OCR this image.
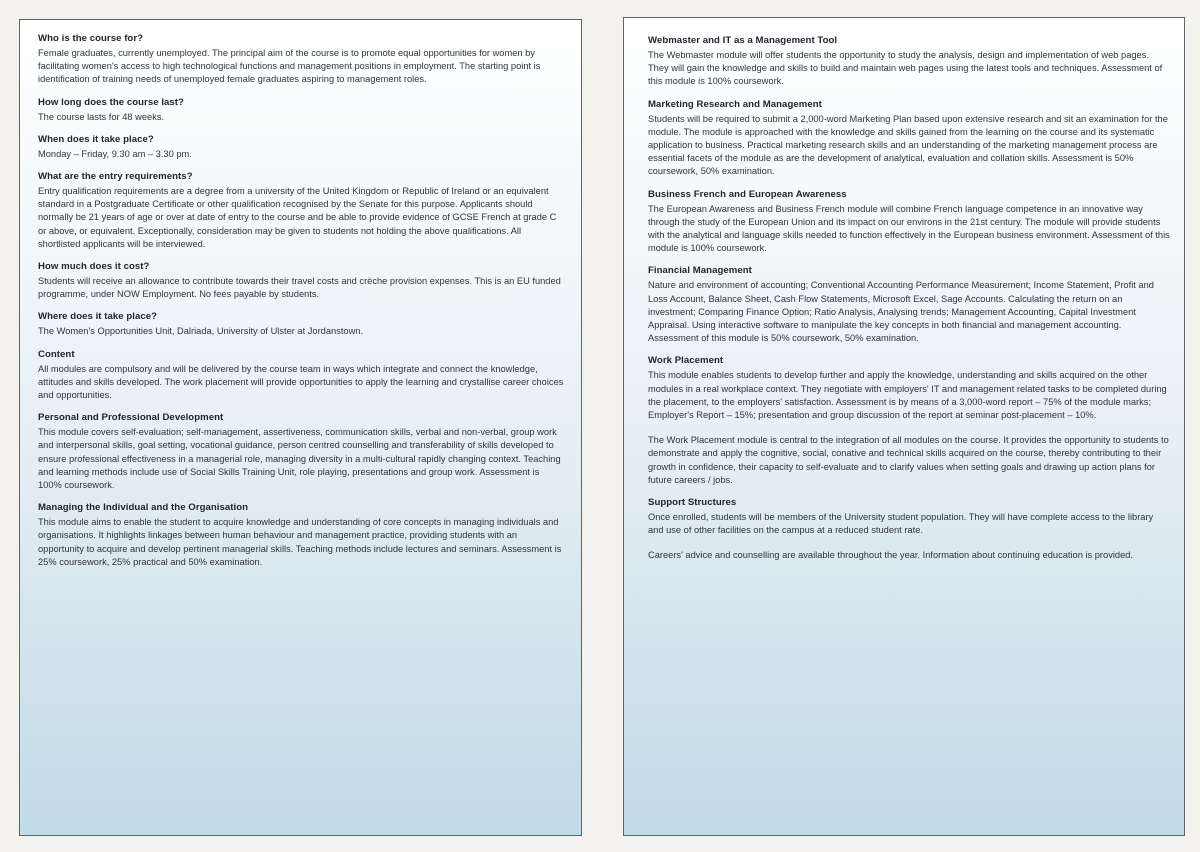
Who is the course for?

Female graduates, currently unemployed. The principal aim of the course is to promote equal opportunities for women by facilitating women's access to high technological functions and management positions in employment. The starting point is identification of training needs of unemployed female graduates aspiring to management roles.

How long does the course last?

The course lasts for 48 weeks.

When does it take place?

Monday – Friday, 9.30 am – 3.30 pm.

What are the entry requirements?

Entry qualification requirements are a degree from a university of the United Kingdom or Republic of Ireland or an equivalent standard in a Postgraduate Certificate or other qualification recognised by the Senate for this purpose. Applicants should normally be 21 years of age or over at date of entry to the course and be able to provide evidence of GCSE French at grade C or above, or equivalent. Exceptionally, consideration may be given to students not holding the above qualifications. All shortlisted applicants will be interviewed.

How much does it cost?

Students will receive an allowance to contribute towards their travel costs and crèche provision expenses. This is an EU funded programme, under NOW Employment. No fees payable by students.

Where does it take place?

The Women's Opportunities Unit, Dalriada, University of Ulster at Jordanstown.

Content

All modules are compulsory and will be delivered by the course team in ways which integrate and connect the knowledge, attitudes and skills developed. The work placement will provide opportunities to apply the learning and crystallise career choices and opportunities.

Personal and Professional Development

This module covers self-evaluation; self-management, assertiveness, communication skills, verbal and non-verbal, group work and interpersonal skills, goal setting, vocational guidance, person centred counselling and transferability of skills developed to ensure professional effectiveness in a managerial role, managing diversity in a multi-cultural rapidly changing context. Teaching and learning methods include use of Social Skills Training Unit, role playing, presentations and group work. Assessment is 100% coursework.

Managing the Individual and the Organisation

This module aims to enable the student to acquire knowledge and understanding of core concepts in managing individuals and organisations. It highlights linkages between human behaviour and management practice, providing students with an opportunity to acquire and develop pertinent managerial skills. Teaching methods include lectures and seminars. Assessment is 25% coursework, 25% practical and 50% examination.

Webmaster and IT as a Management Tool

The Webmaster module will offer students the opportunity to study the analysis, design and implementation of web pages. They will gain the knowledge and skills to build and maintain web pages using the latest tools and techniques. Assessment of this module is 100% coursework.

Marketing Research and Management

Students will be required to submit a 2,000-word Marketing Plan based upon extensive research and sit an examination for the module. The module is approached with the knowledge and skills gained from the learning on the course and its systematic application to business. Practical marketing research skills and an understanding of the marketing management process are essential facets of the module as are the development of analytical, evaluation and collation skills. Assessment is 50% coursework, 50% examination.

Business French and European Awareness

The European Awareness and Business French module will combine French language competence in an innovative way through the study of the European Union and its impact on our environs in the 21st century. The module will provide students with the analytical and language skills needed to function effectively in the European business environment. Assessment of this module is 100% coursework.

Financial Management

Nature and environment of accounting; Conventional Accounting Performance Measurement; Income Statement, Profit and Loss Account, Balance Sheet, Cash Flow Statements, Microsoft Excel, Sage Accounts. Calculating the return on an investment; Comparing Finance Option; Ratio Analysis, Analysing trends; Management Accounting, Capital Investment Appraisal. Using interactive software to manipulate the key concepts in both financial and management accounting. Assessment of this module is 50% coursework, 50% examination.

Work Placement

This module enables students to develop further and apply the knowledge, understanding and skills acquired on the other modules in a real workplace context. They negotiate with employers' IT and management related tasks to be completed during the placement, to the employers' satisfaction. Assessment is by means of a 3,000-word report – 75% of the module marks; Employer's Report – 15%; presentation and group discussion of the report at seminar post-placement – 10%.

The Work Placement module is central to the integration of all modules on the course. It provides the opportunity to students to demonstrate and apply the cognitive, social, conative and technical skills acquired on the course, thereby contributing to their growth in confidence, their capacity to self-evaluate and to clarify values when setting goals and drawing up action plans for future careers / jobs.

Support Structures

Once enrolled, students will be members of the University student population. They will have complete access to the library and use of other facilities on the campus at a reduced student rate.

Careers' advice and counselling are available throughout the year. Information about continuing education is provided.
